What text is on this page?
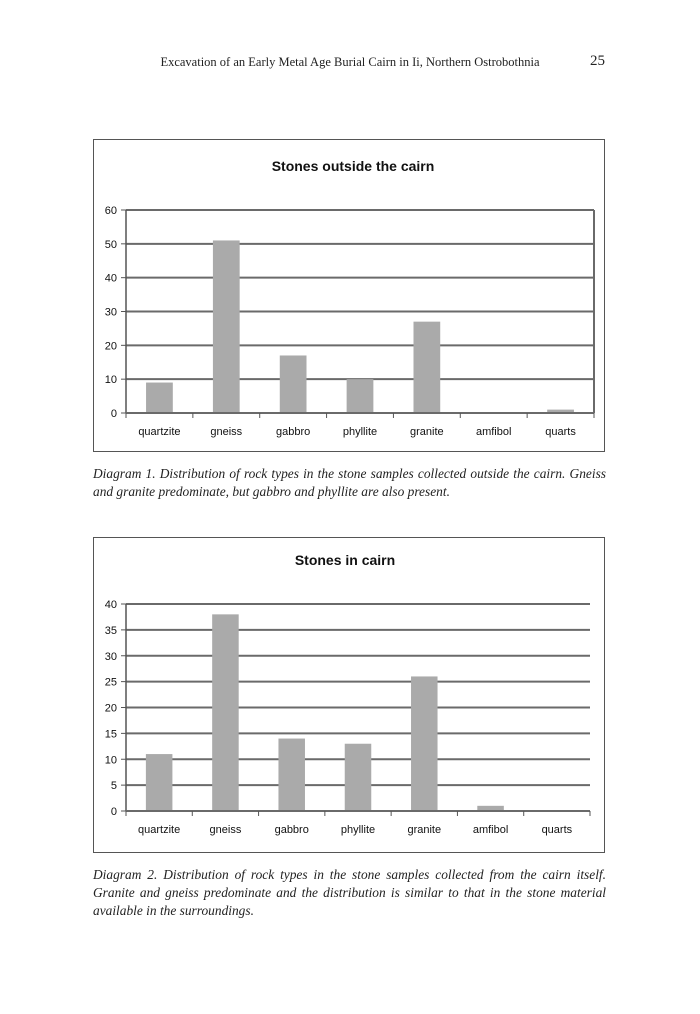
Excavation of an Early Metal Age Burial Cairn in Ii, Northern Ostrobothnia	25
Stones outside the cairn
0
10
20
30
40
50
60
quartzite	gneiss	gabbro	phyllite	granite	amfibol	quarts
Diagram 1. Distribution of rock types in the stone samples collected outside the cairn. Gneiss and granite predominate, but gabbro and phyllite are also present.
Stones in cairn
0
5
10
15
20
25
30
35
40
quartzite	gneiss	gabbro	phyllite	granite	amfibol	quarts
Diagram 2. Distribution of rock types in the stone samples collected from the cairn itself. Granite and gneiss predominate and the distribution is similar to that in the stone material available in the surroundings.
